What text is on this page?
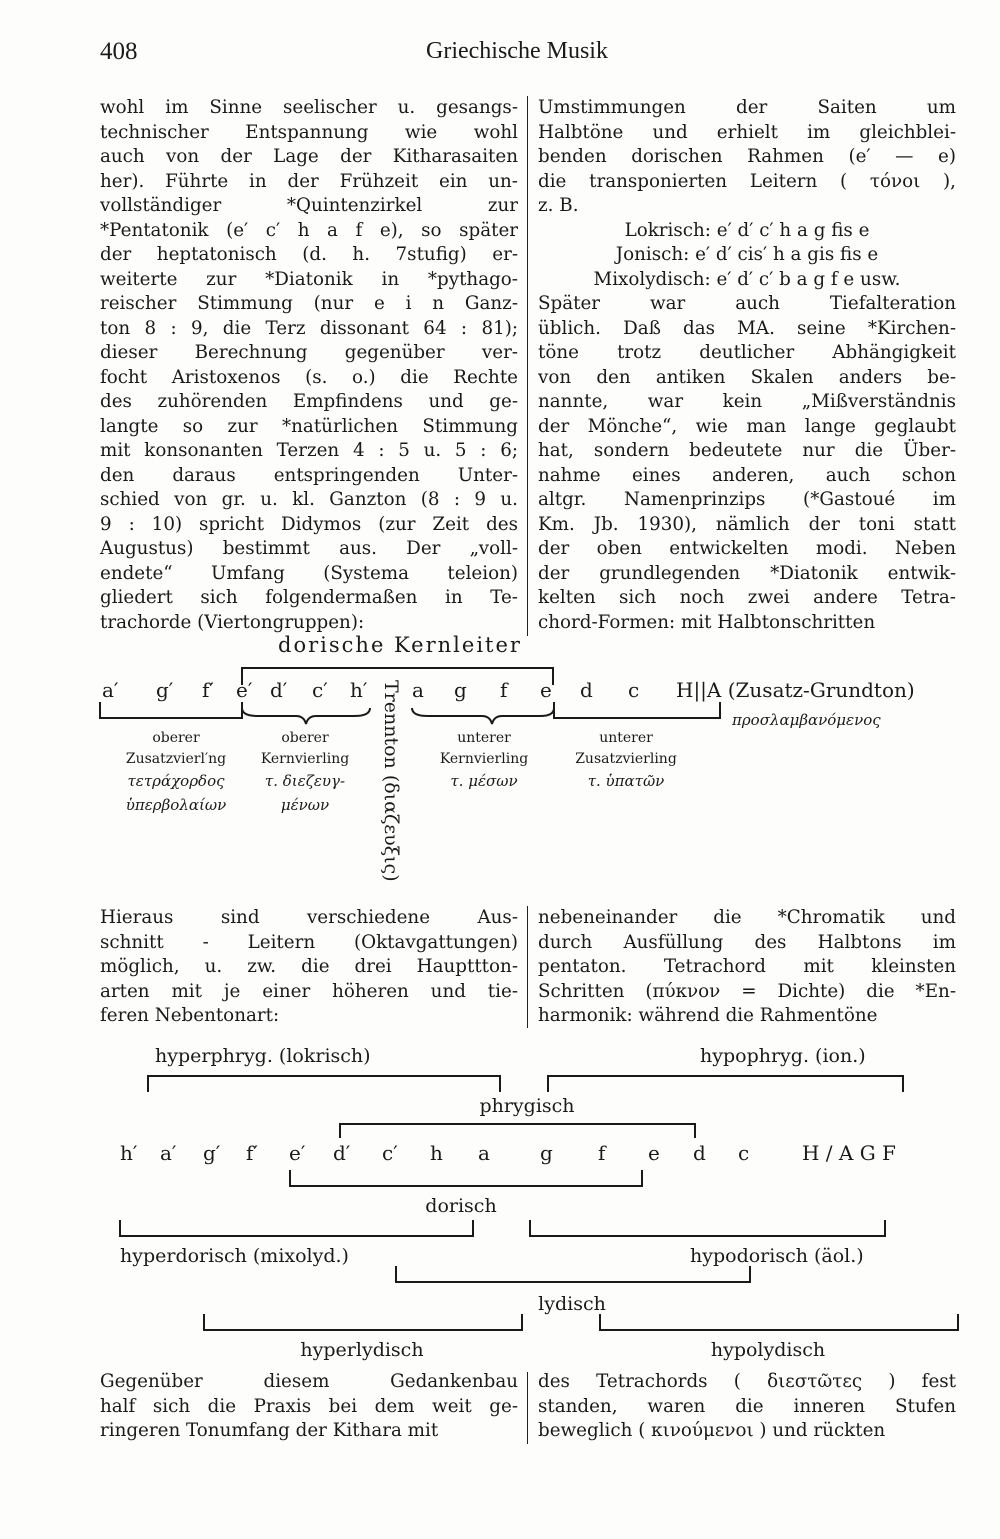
408	Griechische Musik
wohl im Sinne seelischer u. gesangs-
technischer Entspannung wie wohl
auch von der Lage der Kitharasaiten
her). Führte in der Frühzeit ein un-
vollständiger *Quintenzirkel zur
*Pentatonik (e′ c′ h a f e), so später
der heptatonisch (d. h. 7stufig) er-
weiterte zur *Diatonik in *pythago-
reischer Stimmung (nur e i n Ganz-
ton 8 : 9, die Terz dissonant 64 : 81);
dieser Berechnung gegenüber ver-
focht Aristoxenos (s. o.) die Rechte
des zuhörenden Empfindens und ge-
langte so zur *natürlichen Stimmung
mit konsonanten Terzen 4 : 5 u. 5 : 6;
den daraus entspringenden Unter-
schied von gr. u. kl. Ganzton (8 : 9 u.
9 : 10) spricht Didymos (zur Zeit des
Augustus) bestimmt aus. Der „voll-
endete“ Umfang (Systema teleion)
gliedert sich folgendermaßen in Te-
trachorde (Viertongruppen):
Umstimmungen der Saiten um
Halbtöne und erhielt im gleichblei-
benden dorischen Rahmen (e′ — e)
die transponierten Leitern ( τόνοι ),
z. B.
Lokrisch: e′ d′ c′ h a g fis e
Jonisch: e′ d′ cis′ h a gis fis e
Mixolydisch: e′ d′ c′ b a g f e usw.
Später war auch Tiefalteration
üblich. Daß das MA. seine *Kirchen-
töne trotz deutlicher Abhängigkeit
von den antiken Skalen anders be-
nannte, war kein „Mißverständnis
der Mönche“, wie man lange geglaubt
hat, sondern bedeutete nur die Über-
nahme eines anderen, auch schon
altgr. Namenprinzips (*Gastoué im
Km. Jb. 1930), nämlich der toni statt
der oben entwickelten modi. Neben
der grundlegenden *Diatonik entwik-
kelten sich noch zwei andere Tetra-
chord-Formen: mit Halbtonschritten
dorische Kernleiter
a′ g′ f′ e′ d′ c′ h′ Trennton (διαζευξις) a g f e d c H||A (Zusatz-Grundton)
προσλαμβανόμενος
oberer
Zusatzvierl′ng
τετράχορδος
ὑπερβολαίων
oberer
Kernvierling
τ. διεζευγ-
μένων
unterer
Kernvierling
τ. μέσων
unterer
Zusatzvierling
τ. ὑπατῶν
hyperphryg. (lokrisch)	hypophryg. (ion.)
phrygisch
h′ a′ g′ f′ e′ d′ c′ h a	g f e d c	H / A G F
dorisch
hyperdorisch (mixolyd.)	hypodorisch (äol.)
lydisch
hyperlydisch	hypolydisch
Hieraus sind verschiedene Aus-
schnitt - Leitern (Oktavgattungen)
möglich, u. zw. die drei Haupttton-
arten mit je einer höheren und tie-
feren Nebentonart:
nebeneinander die *Chromatik und
durch Ausfüllung des Halbtons im
pentaton. Tetrachord mit kleinsten
Schritten (πύκνον = Dichte) die *En-
harmonik: während die Rahmentöne
Gegenüber diesem Gedankenbau
half sich die Praxis bei dem weit ge-
ringeren Tonumfang der Kithara mit
des Tetrachords ( διεστῶτες ) fest
standen, waren die inneren Stufen
beweglich ( κινούμενοι ) und rückten
